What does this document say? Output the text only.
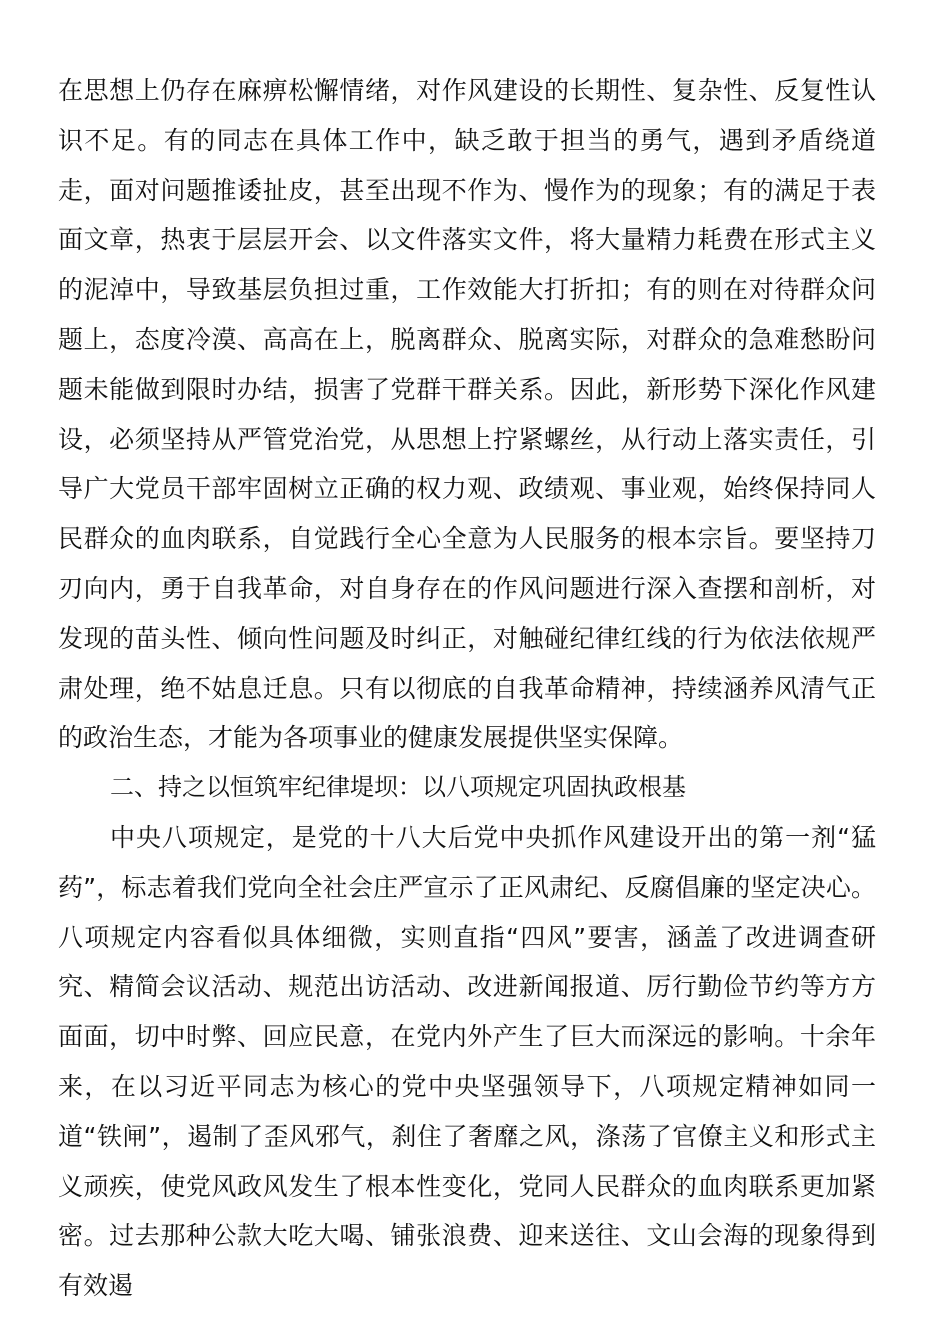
在思想上仍存在麻痹松懈情绪，对作风建设的长期性、复杂性、反复性认识不足。有的同志在具体工作中，缺乏敢于担当的勇气，遇到矛盾绕道走，面对问题推诿扯皮，甚至出现不作为、慢作为的现象；有的满足于表面文章，热衷于层层开会、以文件落实文件，将大量精力耗费在形式主义的泥淖中，导致基层负担过重，工作效能大打折扣；有的则在对待群众问题上，态度冷漠、高高在上，脱离群众、脱离实际，对群众的急难愁盼问题未能做到限时办结，损害了党群干群关系。因此，新形势下深化作风建设，必须坚持从严管党治党，从思想上拧紧螺丝，从行动上落实责任，引导广大党员干部牢固树立正确的权力观、政绩观、事业观，始终保持同人民群众的血肉联系，自觉践行全心全意为人民服务的根本宗旨。要坚持刀刃向内，勇于自我革命，对自身存在的作风问题进行深入查摆和剖析，对发现的苗头性、倾向性问题及时纠正，对触碰纪律红线的行为依法依规严肃处理，绝不姑息迁息。只有以彻底的自我革命精神，持续涵养风清气正的政治生态，才能为各项事业的健康发展提供坚实保障。

二、持之以恒筑牢纪律堤坝：以八项规定巩固执政根基

中央八项规定，是党的十八大后党中央抓作风建设开出的第一剂“猛药”，标志着我们党向全社会庄严宣示了正风肃纪、反腐倡廉的坚定决心。八项规定内容看似具体细微，实则直指“四风”要害，涵盖了改进调查研究、精简会议活动、规范出访活动、改进新闻报道、厉行勤俭节约等方方面面，切中时弊、回应民意，在党内外产生了巨大而深远的影响。十余年来，在以习近平同志为核心的党中央坚强领导下，八项规定精神如同一道“铁闸”，遏制了歪风邪气，刹住了奢靡之风，涤荡了官僚主义和形式主义顽疾，使党风政风发生了根本性变化，党同人民群众的血肉联系更加紧密。过去那种公款大吃大喝、铺张浪费、迎来送往、文山会海的现象得到有效遏
